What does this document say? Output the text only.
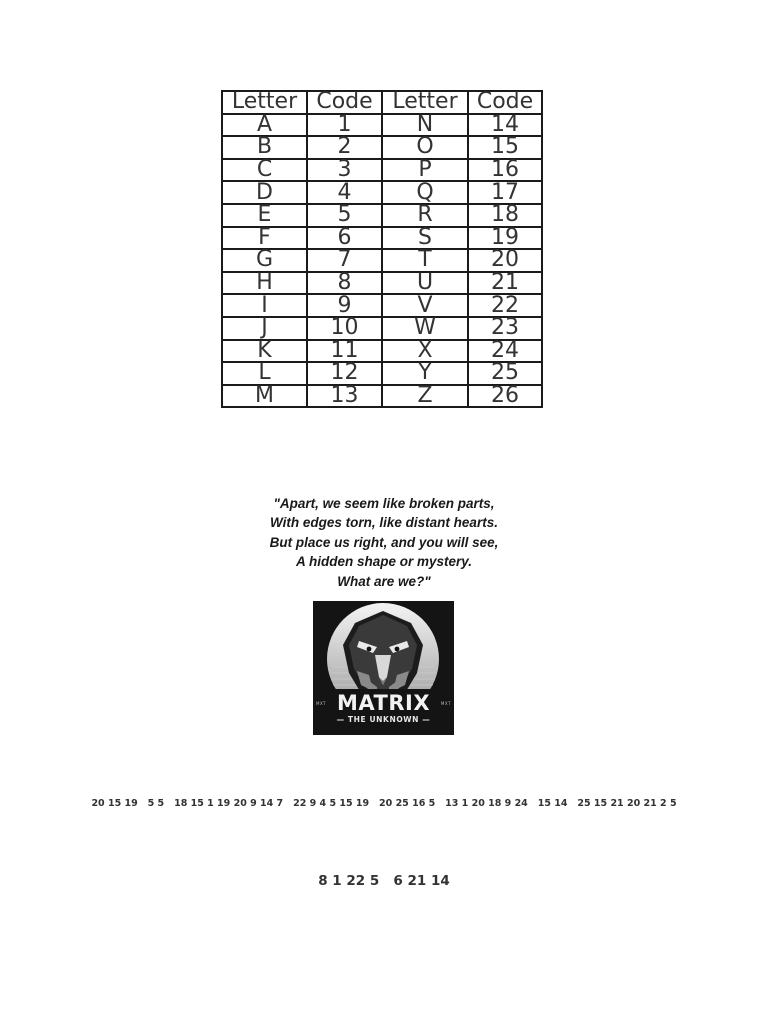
Letter	Code	Letter	Code
A	1	N	14
B	2	O	15
C	3	P	16
D	4	Q	17
E	5	R	18
F	6	S	19
G	7	T	20
H	8	U	21
I	9	V	22
J	10	W	23
K	11	X	24
L	12	Y	25
M	13	Z	26
"Apart, we seem like broken parts,
With edges torn, like distant hearts.
But place us right, and you will see,
A hidden shape or mystery.
What are we?"
MXT	MXT
MATRIX
— THE UNKNOWN —
20 15 19   5 5   18 15 1 19 20 9 14 7   22 9 4 5 15 19   20 25 16 5   13 1 20 18 9 24   15 14   25 15 21 20 21 2 5
8 1 22 5   6 21 14
